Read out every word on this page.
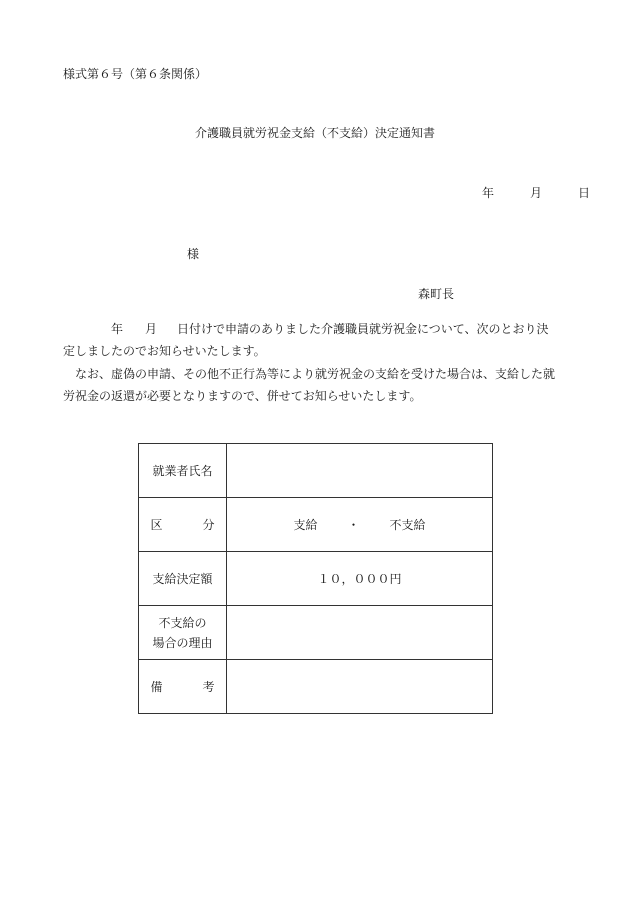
様式第６号（第６条関係）
介護職員就労祝金支給（不支給）決定通知書
年	月	日
様
森町長
年 月 日付けで申請のありました介護職員就労祝金について、次のとおり決
定しましたのでお知らせいたします。
なお、虚偽の申請、その他不正行為等により就労祝金の支給を受けた場合は、支給した就
労祝金の返還が必要となりますので、併せてお知らせいたします。
就業者氏名	
区　分	支給 ・ 不支給
支給決定額	１０，０００円

不支給の
場合の理由	

備　考	
